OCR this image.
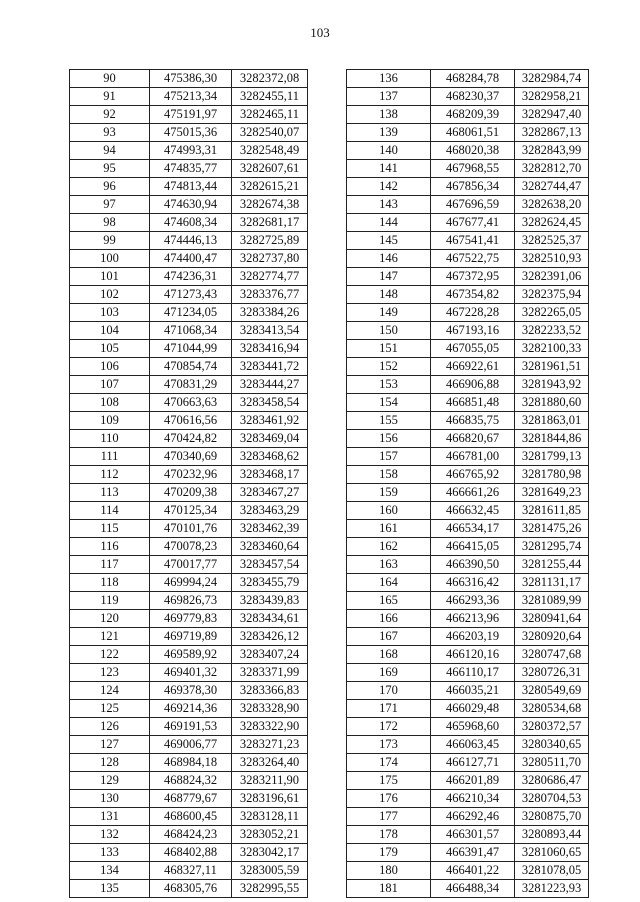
103
90	475386,30	3282372,08
91	475213,34	3282455,11
92	475191,97	3282465,11
93	475015,36	3282540,07
94	474993,31	3282548,49
95	474835,77	3282607,61
96	474813,44	3282615,21
97	474630,94	3282674,38
98	474608,34	3282681,17
99	474446,13	3282725,89
100	474400,47	3282737,80
101	474236,31	3282774,77
102	471273,43	3283376,77
103	471234,05	3283384,26
104	471068,34	3283413,54
105	471044,99	3283416,94
106	470854,74	3283441,72
107	470831,29	3283444,27
108	470663,63	3283458,54
109	470616,56	3283461,92
110	470424,82	3283469,04
111	470340,69	3283468,62
112	470232,96	3283468,17
113	470209,38	3283467,27
114	470125,34	3283463,29
115	470101,76	3283462,39
116	470078,23	3283460,64
117	470017,77	3283457,54
118	469994,24	3283455,79
119	469826,73	3283439,83
120	469779,83	3283434,61
121	469719,89	3283426,12
122	469589,92	3283407,24
123	469401,32	3283371,99
124	469378,30	3283366,83
125	469214,36	3283328,90
126	469191,53	3283322,90
127	469006,77	3283271,23
128	468984,18	3283264,40
129	468824,32	3283211,90
130	468779,67	3283196,61
131	468600,45	3283128,11
132	468424,23	3283052,21
133	468402,88	3283042,17
134	468327,11	3283005,59
135	468305,76	3282995,55
136	468284,78	3282984,74
137	468230,37	3282958,21
138	468209,39	3282947,40
139	468061,51	3282867,13
140	468020,38	3282843,99
141	467968,55	3282812,70
142	467856,34	3282744,47
143	467696,59	3282638,20
144	467677,41	3282624,45
145	467541,41	3282525,37
146	467522,75	3282510,93
147	467372,95	3282391,06
148	467354,82	3282375,94
149	467228,28	3282265,05
150	467193,16	3282233,52
151	467055,05	3282100,33
152	466922,61	3281961,51
153	466906,88	3281943,92
154	466851,48	3281880,60
155	466835,75	3281863,01
156	466820,67	3281844,86
157	466781,00	3281799,13
158	466765,92	3281780,98
159	466661,26	3281649,23
160	466632,45	3281611,85
161	466534,17	3281475,26
162	466415,05	3281295,74
163	466390,50	3281255,44
164	466316,42	3281131,17
165	466293,36	3281089,99
166	466213,96	3280941,64
167	466203,19	3280920,64
168	466120,16	3280747,68
169	466110,17	3280726,31
170	466035,21	3280549,69
171	466029,48	3280534,68
172	465968,60	3280372,57
173	466063,45	3280340,65
174	466127,71	3280511,70
175	466201,89	3280686,47
176	466210,34	3280704,53
177	466292,46	3280875,70
178	466301,57	3280893,44
179	466391,47	3281060,65
180	466401,22	3281078,05
181	466488,34	3281223,93
